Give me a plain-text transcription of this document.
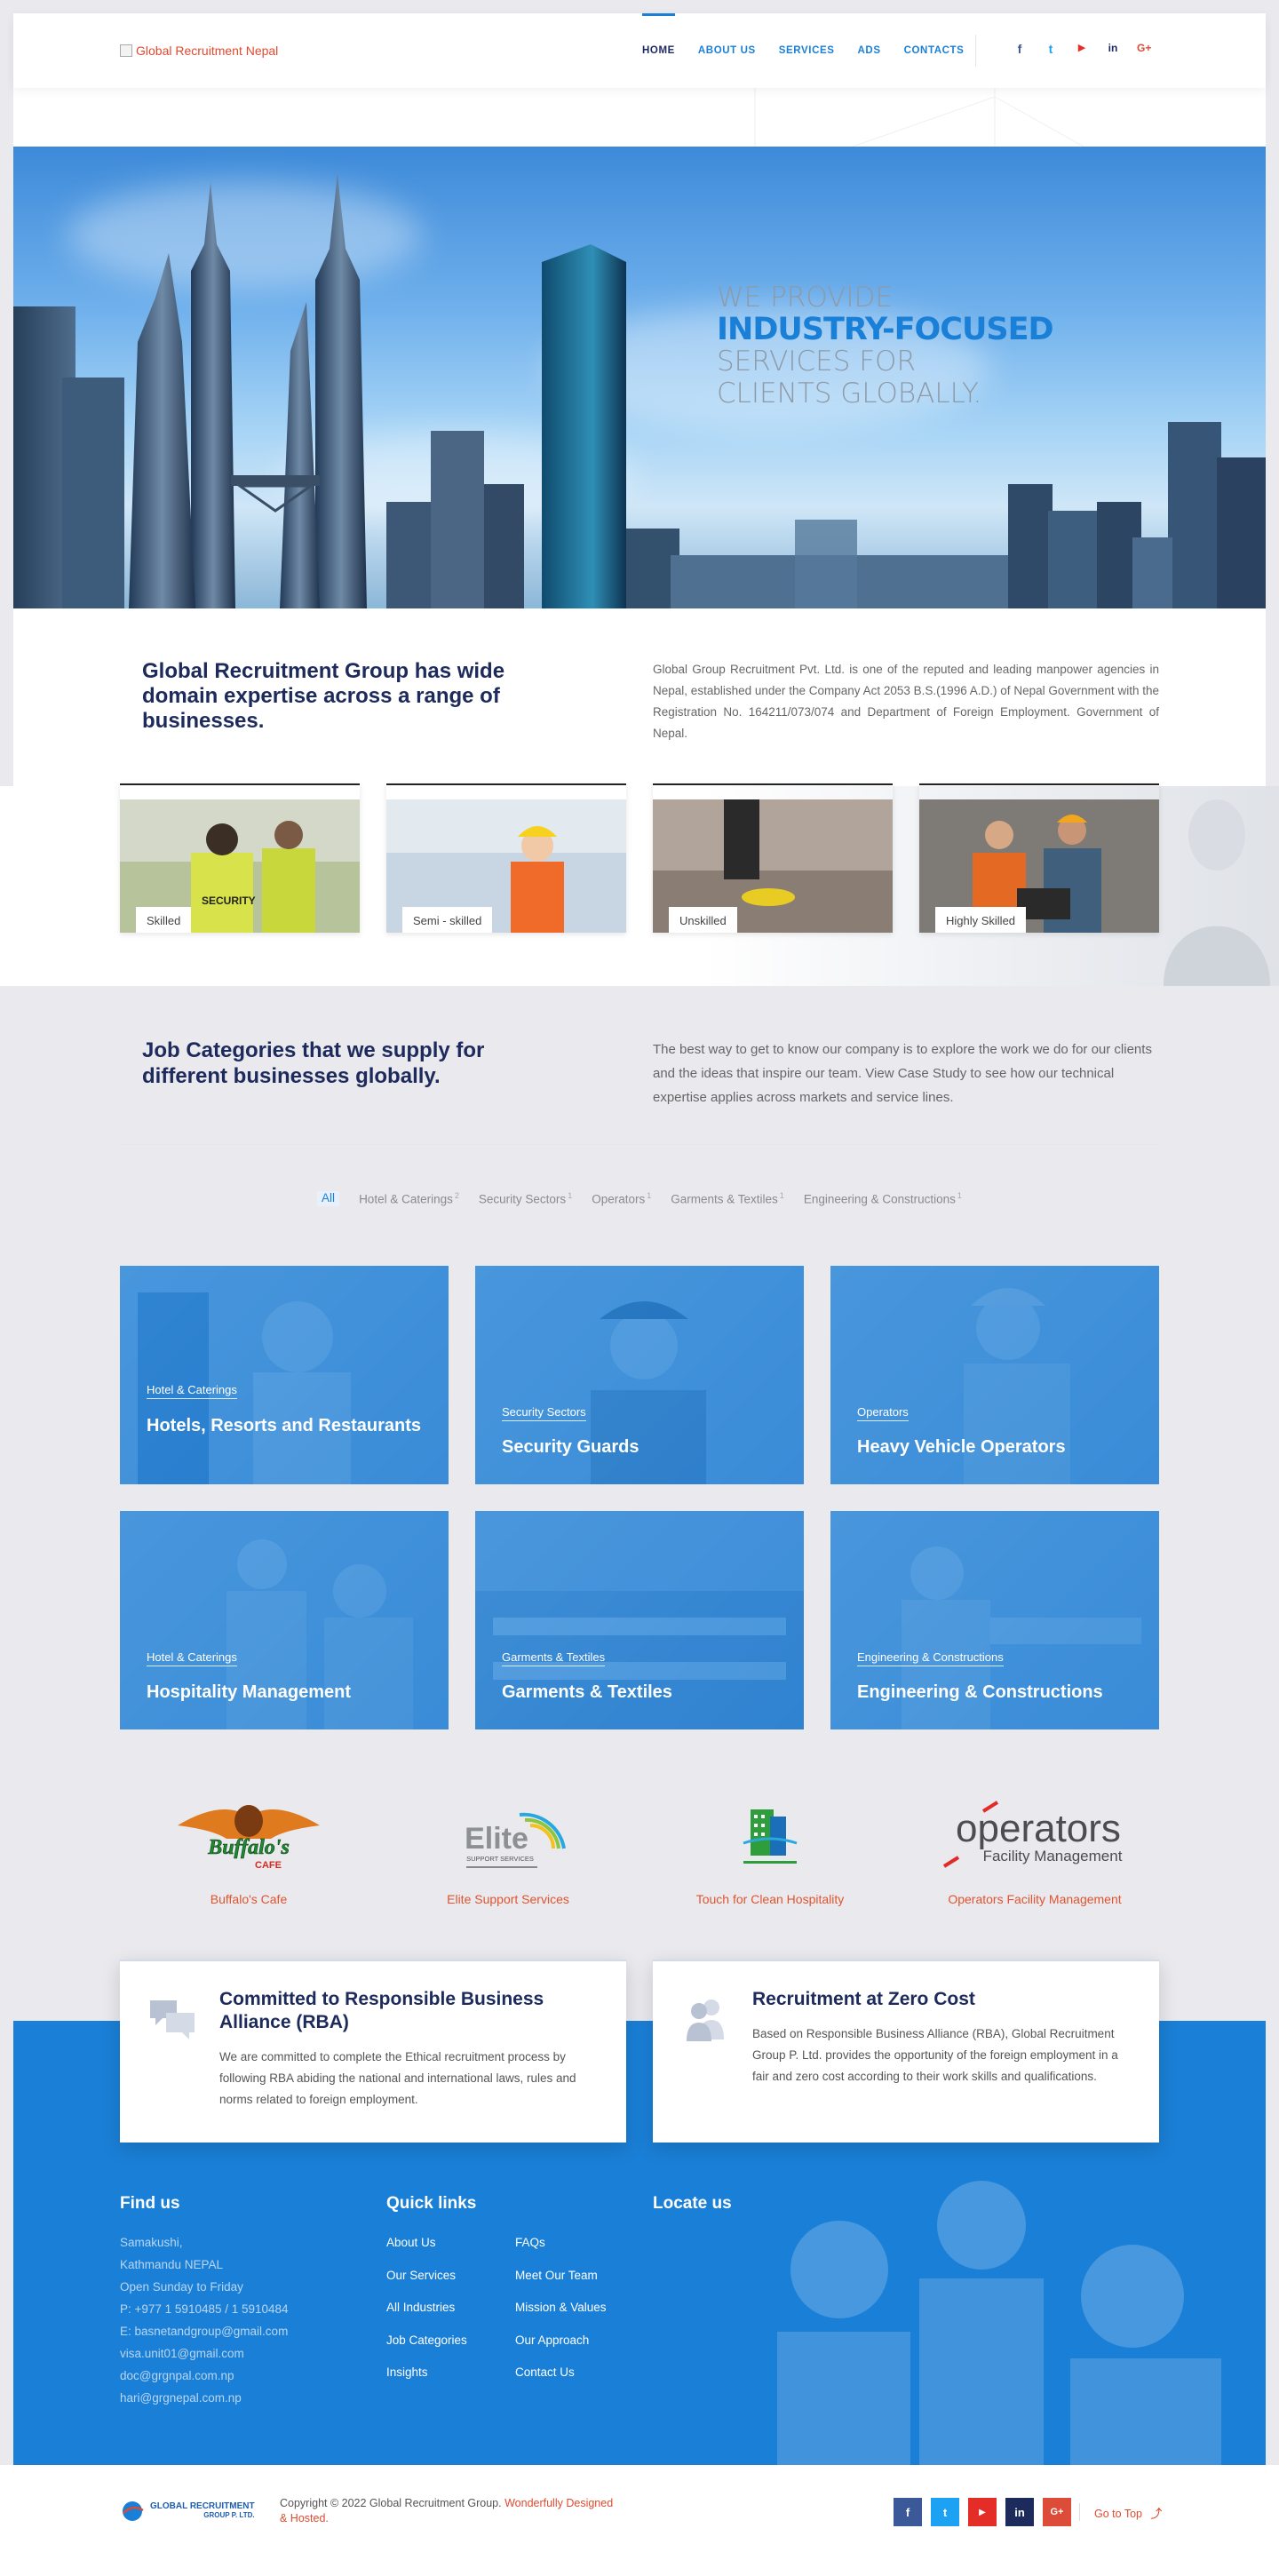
Global Recruitment Nepal	HOME ABOUT US SERVICES ADS CONTACTS	f	t	▶	in G+
WE PROVIDE
INDUSTRY-FOCUSED
SERVICES FOR
CLIENTS GLOBALLY.
Global Recruitment Group has wide domain expertise across a range of businesses.
Global Group Recruitment Pvt. Ltd. is one of the reputed and leading manpower agencies in Nepal, established under the Company Act 2053 B.S.(1996 A.D.) of Nepal Government with the Registration No. 164211/073/074 and Department of Foreign Employment. Government of Nepal.
SECURITY
Skilled	Semi - skilled	Unskilled	Highly Skilled
Job Categories that we supply for different businesses globally.
The best way to get to know our company is to explore the work we do for our clients and the ideas that inspire our team. View Case Study to see how our technical expertise applies across markets and service lines.
All	Hotel & Caterings $^2$ Security Sectors $^1$ Operators $^1$ Garments & Textiles $^1$ Engineering & Constructions $^1$
Hotel & Caterings
Hotels, Resorts and Restaurants
Security Sectors
Security Guards
Operators
Heavy Vehicle Operators
Hotel & Caterings
Hospitality Management
Garments & Textiles
Garments & Textiles
Engineering & Constructions
Engineering & Constructions
Buffalo's
CAFE
Buffalo's Cafe
Elite
SUPPORT SERVICES
Elite Support Services	Touch for Clean Hospitality
operators
Facility Management
Operators Facility Management
Committed to Responsible Business Alliance (RBA)

We are committed to complete the Ethical recruitment process by following RBA abiding the national and international laws, rules and norms related to foreign employment.

Recruitment at Zero Cost

Based on Responsible Business Alliance (RBA), Global Recruitment Group P. Ltd. provides the opportunity of the foreign employment in a fair and zero cost according to their work skills and qualifications.

Find us
Samakushi,
Kathmandu NEPAL
Open Sunday to Friday
P: +977 1 5910485 / 1 5910484
E: basnetandgroup@gmail.com
visa.unit01@gmail.com
doc@grgnpal.com.np
hari@grgnepal.com.np
Quick links
About Us
Our Services
All Industries
Job Categories
Insights
FAQs
Meet Our Team
Mission & Values
Our Approach
Contact Us
Locate us
GLOBAL RECRUITMENT
GROUP P. LTD.
Copyright © 2022 Global Recruitment Group. Wonderfully Designed & Hosted.	f	t	▶	in	G+	Go to Top ⤴
